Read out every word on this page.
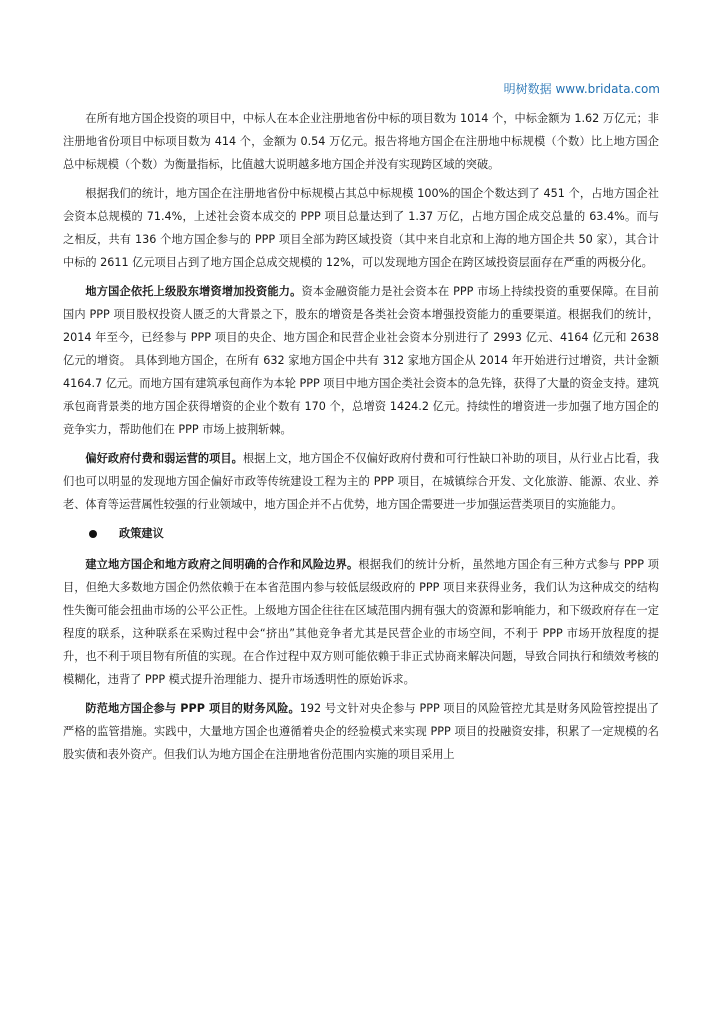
明树数据 www.bridata.com

在所有地方国企投资的项目中，中标人在本企业注册地省份中标的项目数为 1014 个，中标金额为 1.62 万亿元；非注册地省份项目中标项目数为 414 个，金额为 0.54 万亿元。报告将地方国企在注册地中标规模（个数）比上地方国企总中标规模（个数）为衡量指标，比值越大说明越多地方国企并没有实现跨区域的突破。

根据我们的统计，地方国企在注册地省份中标规模占其总中标规模 100%的国企个数达到了 451 个，占地方国企社会资本总规模的 71.4%，上述社会资本成交的 PPP 项目总量达到了 1.37 万亿，占地方国企成交总量的 63.4%。而与之相反，共有 136 个地方国企参与的 PPP 项目全部为跨区域投资（其中来自北京和上海的地方国企共 50 家），其合计中标的 2611 亿元项目占到了地方国企总成交规模的 12%，可以发现地方国企在跨区域投资层面存在严重的两极分化。

地方国企依托上级股东增资增加投资能力。资本金融资能力是社会资本在 PPP 市场上持续投资的重要保障。在目前国内 PPP 项目股权投资人匮乏的大背景之下，股东的增资是各类社会资本增强投资能力的重要渠道。根据我们的统计，2014 年至今，已经参与 PPP 项目的央企、地方国企和民营企业社会资本分别进行了 2993 亿元、4164 亿元和 2638 亿元的增资。 具体到地方国企，在所有 632 家地方国企中共有 312 家地方国企从 2014 年开始进行过增资，共计金额 4164.7 亿元。而地方国有建筑承包商作为本轮 PPP 项目中地方国企类社会资本的急先锋，获得了大量的资金支持。建筑承包商背景类的地方国企获得增资的企业个数有 170 个，总增资 1424.2 亿元。持续性的增资进一步加强了地方国企的竞争实力，帮助他们在 PPP 市场上披荆斩棘。

偏好政府付费和弱运营的项目。根据上文，地方国企不仅偏好政府付费和可行性缺口补助的项目，从行业占比看，我们也可以明显的发现地方国企偏好市政等传统建设工程为主的 PPP 项目，在城镇综合开发、文化旅游、能源、农业、养老、体育等运营属性较强的行业领域中，地方国企并不占优势，地方国企需要进一步加强运营类项目的实施能力。

政策建议

建立地方国企和地方政府之间明确的合作和风险边界。根据我们的统计分析，虽然地方国企有三种方式参与 PPP 项目，但绝大多数地方国企仍然依赖于在本省范围内参与较低层级政府的 PPP 项目来获得业务，我们认为这种成交的结构性失衡可能会扭曲市场的公平公正性。上级地方国企往往在区域范围内拥有强大的资源和影响能力，和下级政府存在一定程度的联系，这种联系在采购过程中会“挤出”其他竞争者尤其是民营企业的市场空间，不利于 PPP 市场开放程度的提升，也不利于项目物有所值的实现。在合作过程中双方则可能依赖于非正式协商来解决问题，导致合同执行和绩效考核的模糊化，违背了 PPP 模式提升治理能力、提升市场透明性的原始诉求。

防范地方国企参与 PPP 项目的财务风险。192 号文针对央企参与 PPP 项目的风险管控尤其是财务风险管控提出了严格的监管措施。实践中，大量地方国企也遵循着央企的经验模式来实现 PPP 项目的投融资安排，积累了一定规模的名股实债和表外资产。但我们认为地方国企在注册地省份范围内实施的项目采用上
